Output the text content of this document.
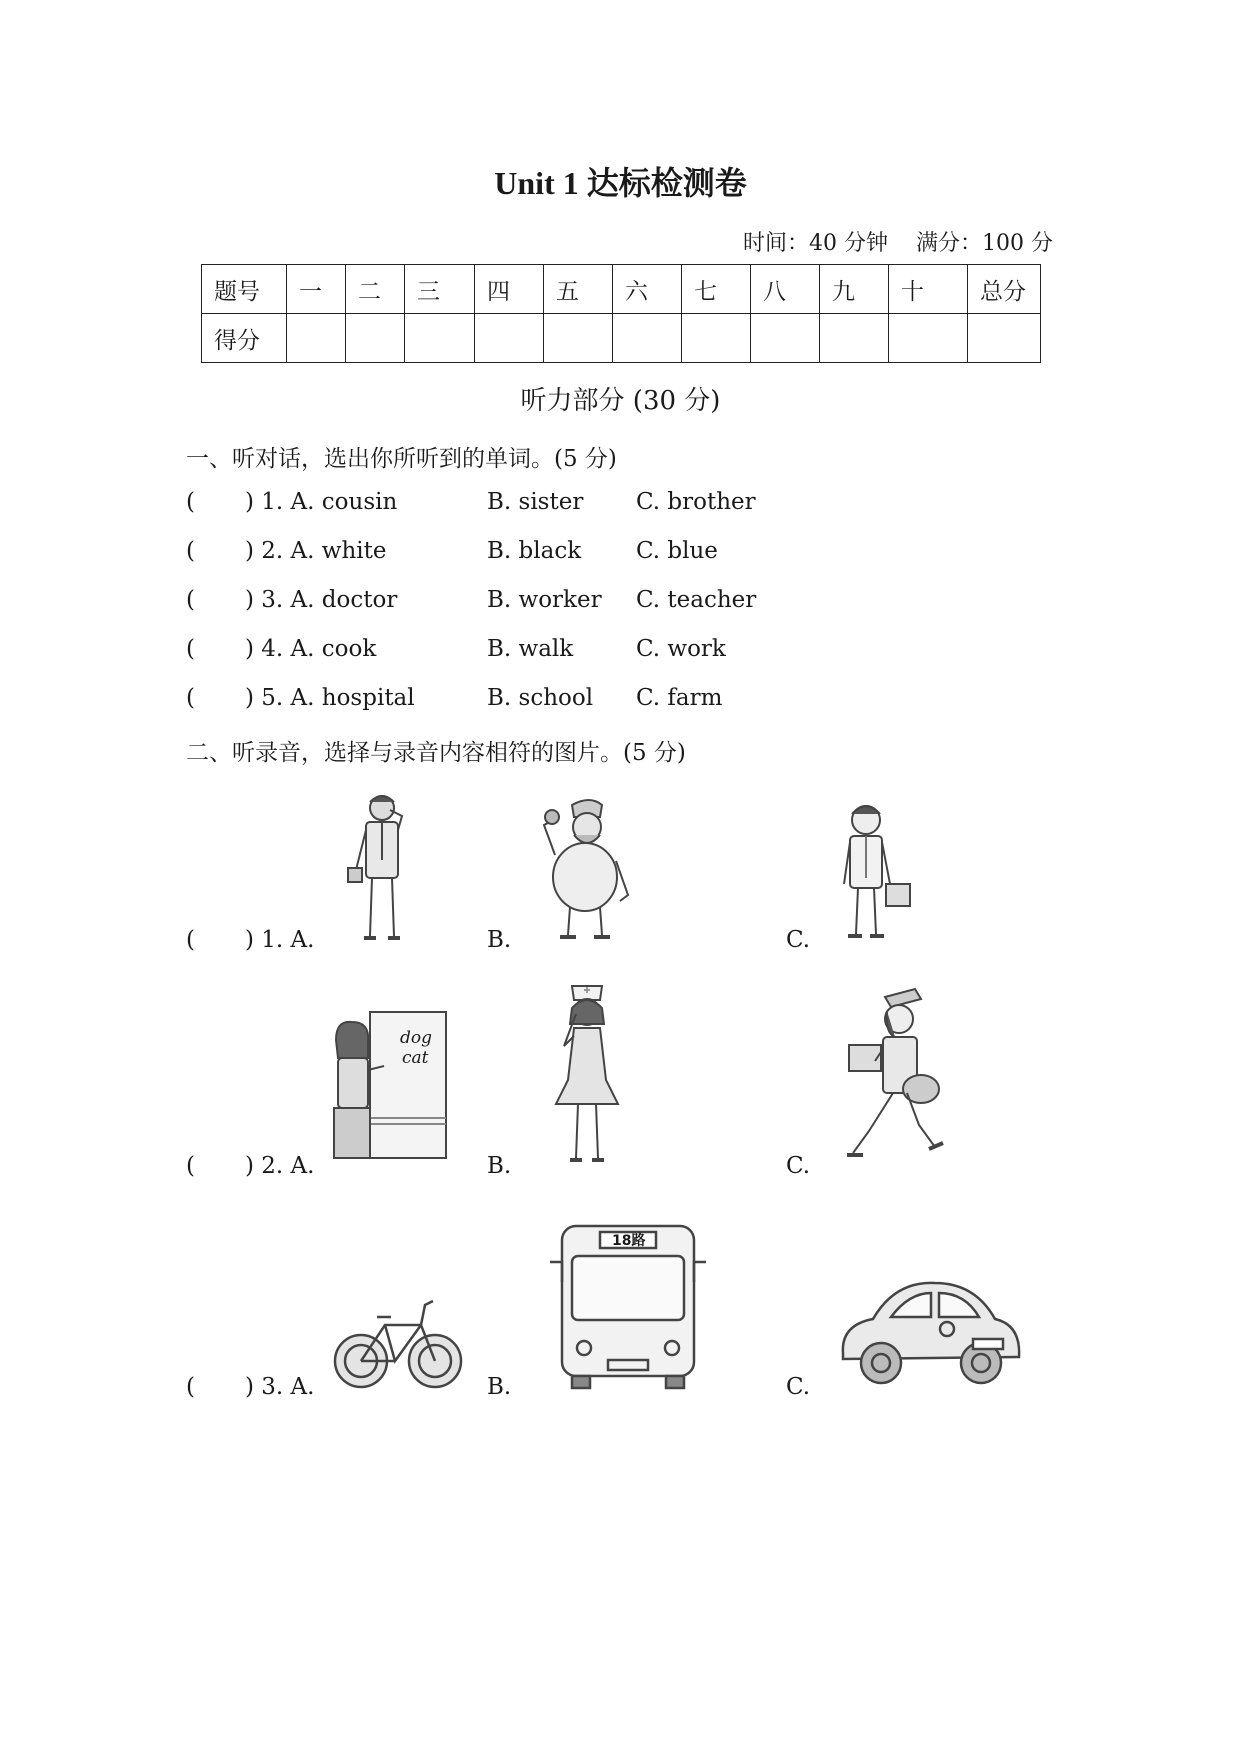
Unit 1 达标检测卷
时间：40 分钟 满分：100 分
题号	一	二	三	四	五	六	七	八	九	十	总分
得分											
听力部分 (30 分)
一、听对话，选出你所听到的单词。(5 分)
( ) 1. A. cousin	B. sister C. brother
( ) 2. A. white	B. black C. blue
( ) 3. A. doctor	B. worker C. teacher
( ) 4. A. cook	B. walk	C. work
( ) 5. A. hospital	B. school C. farm
二、听录音，选择与录音内容相符的图片。(5 分)
( ) 1. A.	B.	C.
( ) 2. A.	B.	C.
dog
cat
( ) 3. A.	B.	C.
18路
